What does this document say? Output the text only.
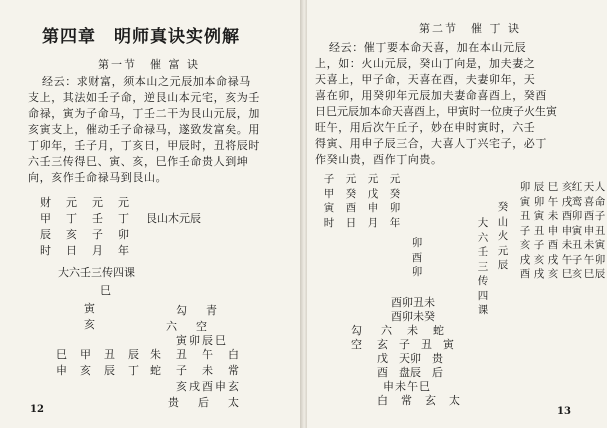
第四章　明师真诀实例解
第一节　催 富 诀
经云：求财富，须本山之元辰加本命禄马
支上，其法如壬子命，逆艮山本元宅，亥为壬
命禄，寅为子命马，丁壬二干为艮山元辰，加
亥寅支上，催动壬子命禄马，遂致发富矣。用
丁卯年，壬子月，丁亥日，甲辰时，丑将辰时
六壬三传得巳、寅、亥，巳作壬命贵人到坤
向，亥作壬命禄马到艮山。
财　元　元　元
甲　丁　壬　丁
辰　亥　子　卯
时　日　月　年
艮山木元辰
大六壬三传四课
巳
寅
亥
勾　青
六　空
寅卯辰巳
朱　丑　午　白
蛇　子　未　常
亥戌酉申玄
贵　后　太
巳　甲　丑　辰
申　亥　辰　丁
12
第二节　催 丁 诀
经云：催丁要本命天喜，加在本山元辰
上，如：火山元辰，癸山丁向是，加夫妻之
天喜上，甲子命，天喜在酉，夫妻卯年，天
喜在卯，用癸卯年元辰加夫妻命喜酉上，癸酉
日巳元辰加本命天喜酉上，甲寅时一位庚子火生寅
旺午，用后次午丘子，妙在申时寅时，六壬
得寅、用申子辰三合，大喜人丁兴宅子，必丁
作癸山贵，酉作丁向贵。
子甲寅时
元癸酉日
元戊申月
元癸卯年
卯酉卯
大六壬三传四课
癸山火元辰
酉卯丑未
酉卯未癸
六　未　蛇
玄　子　丑　寅
戊　天卯　贵
酉　盘辰　后
申未午巳
白　常　玄　太
勾
空
卯寅丑子亥戌酉
辰卯寅丑子亥戌
巳午未申酉戌亥
亥戌酉申未午巳
红鸾卯寅丑子亥
天喜酉申未午巳
人命子丑寅卯辰
13
